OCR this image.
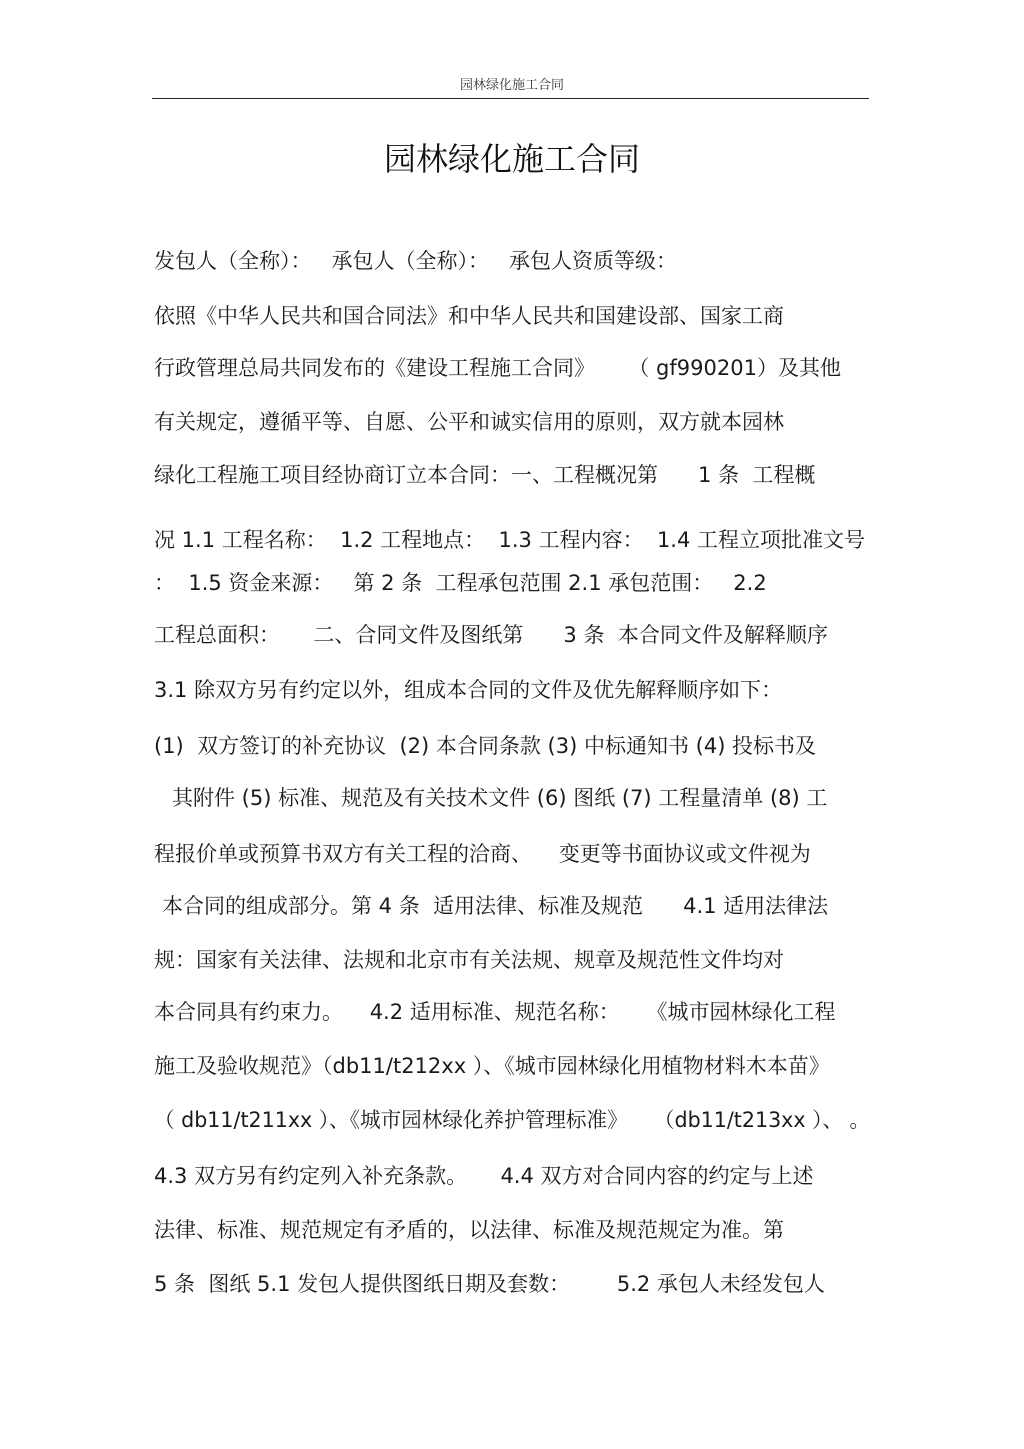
园林绿化施工合同
园林绿化施工合同
发包人（全称）：   承包人（全称）：   承包人资质等级：
依照《中华人民共和国合同法》和中华人民共和国建设部、国家工商
行政管理总局共同发布的《建设工程施工合同》     （ gf990201）及其他
有关规定，遵循平等、自愿、公平和诚实信用的原则，双方就本园林
绿化工程施工项目经协商订立本合同：一、工程概况第      1 条  工程概
况 1.1 工程名称：  1.2 工程地点：  1.3 工程内容：  1.4 工程立项批准文号
：  1.5 资金来源：   第 2 条  工程承包范围 2.1 承包范围：   2.2
工程总面积：     二、合同文件及图纸第      3 条  本合同文件及解释顺序
3.1 除双方另有约定以外，组成本合同的文件及优先解释顺序如下：
(1)  双方签订的补充协议  (2) 本合同条款 (3) 中标通知书 (4) 投标书及
其附件 (5) 标准、规范及有关技术文件 (6) 图纸 (7) 工程量清单 (8) 工
程报价单或预算书双方有关工程的洽商、    变更等书面协议或文件视为
本合同的组成部分。第 4 条  适用法律、标准及规范      4.1 适用法律法
规：国家有关法律、法规和北京市有关法规、规章及规范性文件均对
本合同具有约束力。    4.2 适用标准、规范名称：    《城市园林绿化工程
施工及验收规范》（db11/t212xx ）、《城市园林绿化用植物材料木本苗》
（ db11/t211xx ）、《城市园林绿化养护管理标准》    （db11/t213xx ）、 。
4.3 双方另有约定列入补充条款。     4.4 双方对合同内容的约定与上述
法律、标准、规范规定有矛盾的，以法律、标准及规范规定为准。第
5 条  图纸 5.1 发包人提供图纸日期及套数：       5.2 承包人未经发包人
